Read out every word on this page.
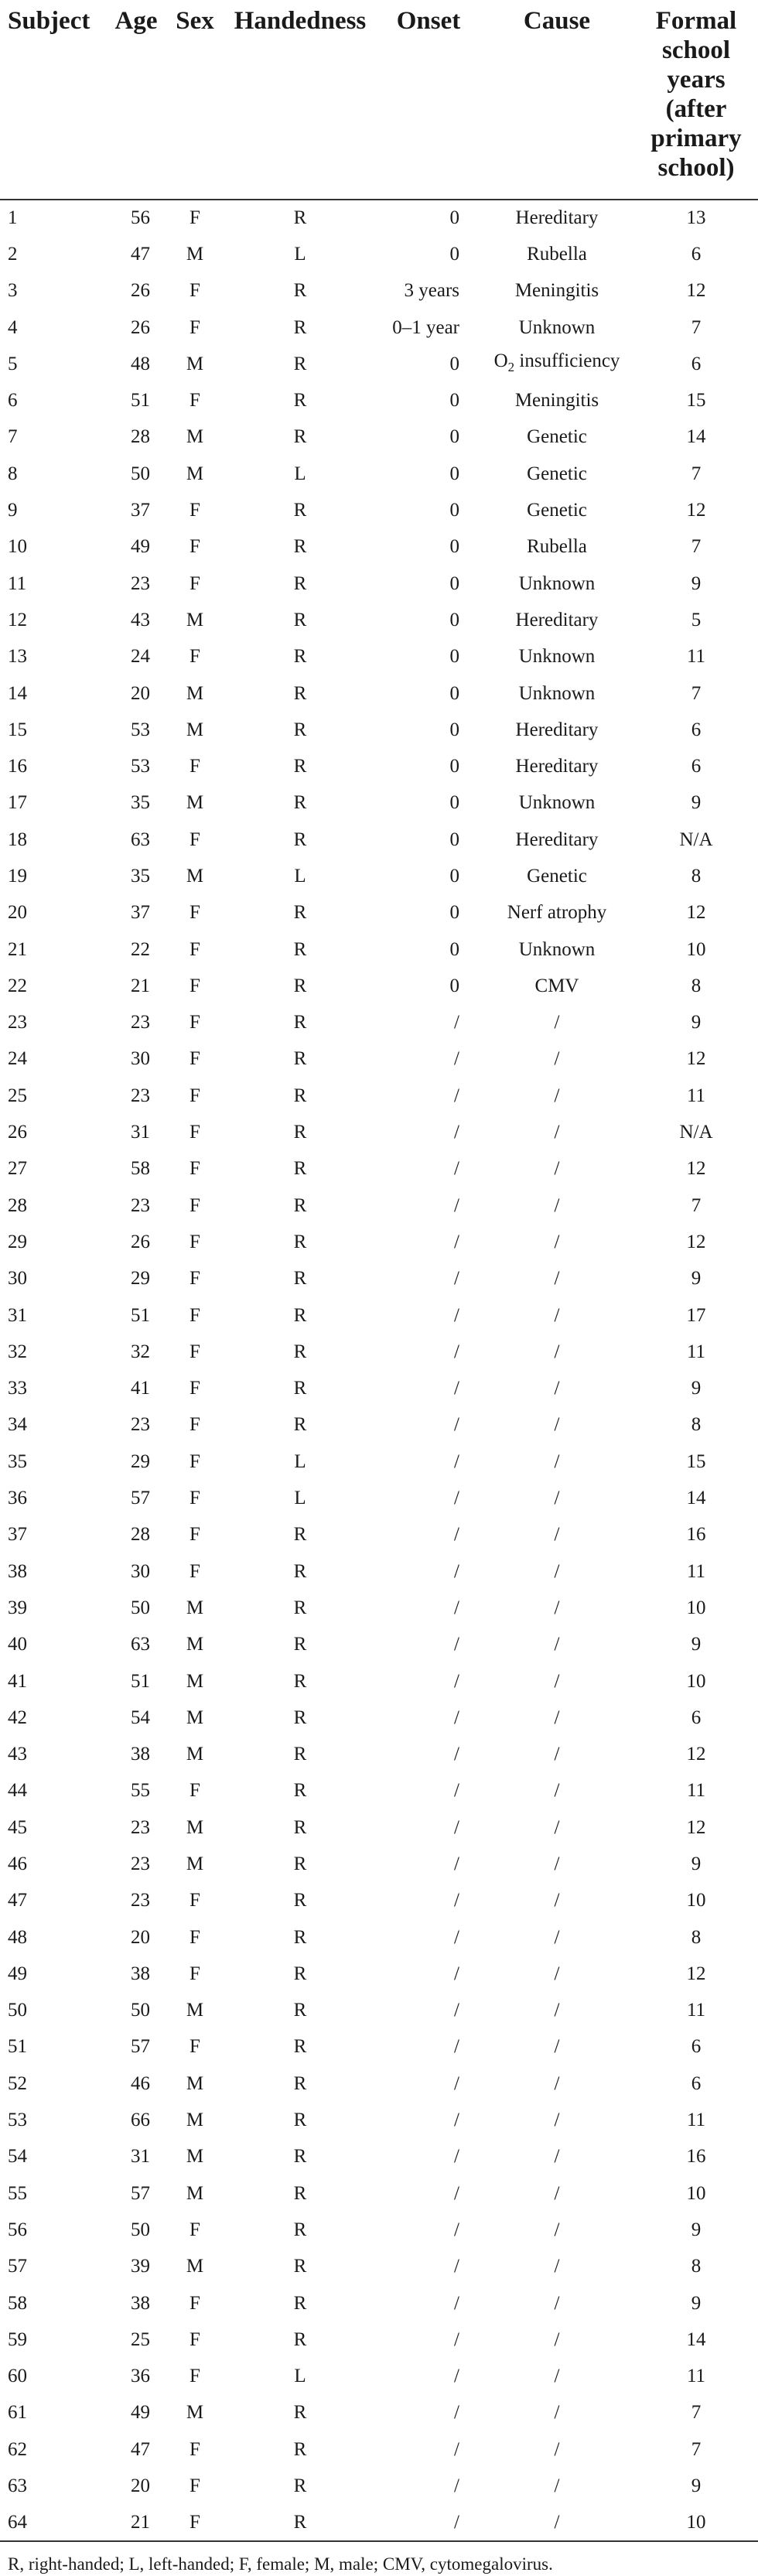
Subject	Age	Sex	Handedness	Onset	Cause	Formal school years (after primary school)
1	56	F	R	0	Hereditary	13
2	47	M	L	0	Rubella	6
3	26	F	R	3 years	Meningitis	12
4	26	F	R	0–1 year	Unknown	7
5	48	M	R	0	$O_2$ insufficiency	6
6	51	F	R	0	Meningitis	15
7	28	M	R	0	Genetic	14
8	50	M	L	0	Genetic	7
9	37	F	R	0	Genetic	12
10	49	F	R	0	Rubella	7
11	23	F	R	0	Unknown	9
12	43	M	R	0	Hereditary	5
13	24	F	R	0	Unknown	11
14	20	M	R	0	Unknown	7
15	53	M	R	0	Hereditary	6
16	53	F	R	0	Hereditary	6
17	35	M	R	0	Unknown	9
18	63	F	R	0	Hereditary	N/A
19	35	M	L	0	Genetic	8
20	37	F	R	0	Nerf atrophy	12
21	22	F	R	0	Unknown	10
22	21	F	R	0	CMV	8
23	23	F	R	/	/	9
24	30	F	R	/	/	12
25	23	F	R	/	/	11
26	31	F	R	/	/	N/A
27	58	F	R	/	/	12
28	23	F	R	/	/	7
29	26	F	R	/	/	12
30	29	F	R	/	/	9
31	51	F	R	/	/	17
32	32	F	R	/	/	11
33	41	F	R	/	/	9
34	23	F	R	/	/	8
35	29	F	L	/	/	15
36	57	F	L	/	/	14
37	28	F	R	/	/	16
38	30	F	R	/	/	11
39	50	M	R	/	/	10
40	63	M	R	/	/	9
41	51	M	R	/	/	10
42	54	M	R	/	/	6
43	38	M	R	/	/	12
44	55	F	R	/	/	11
45	23	M	R	/	/	12
46	23	M	R	/	/	9
47	23	F	R	/	/	10
48	20	F	R	/	/	8
49	38	F	R	/	/	12
50	50	M	R	/	/	11
51	57	F	R	/	/	6
52	46	M	R	/	/	6
53	66	M	R	/	/	11
54	31	M	R	/	/	16
55	57	M	R	/	/	10
56	50	F	R	/	/	9
57	39	M	R	/	/	8
58	38	F	R	/	/	9
59	25	F	R	/	/	14
60	36	F	L	/	/	11
61	49	M	R	/	/	7
62	47	F	R	/	/	7
63	20	F	R	/	/	9
64	21	F	R	/	/	10
R, right-handed; L, left-handed; F, female; M, male; CMV, cytomegalovirus.
